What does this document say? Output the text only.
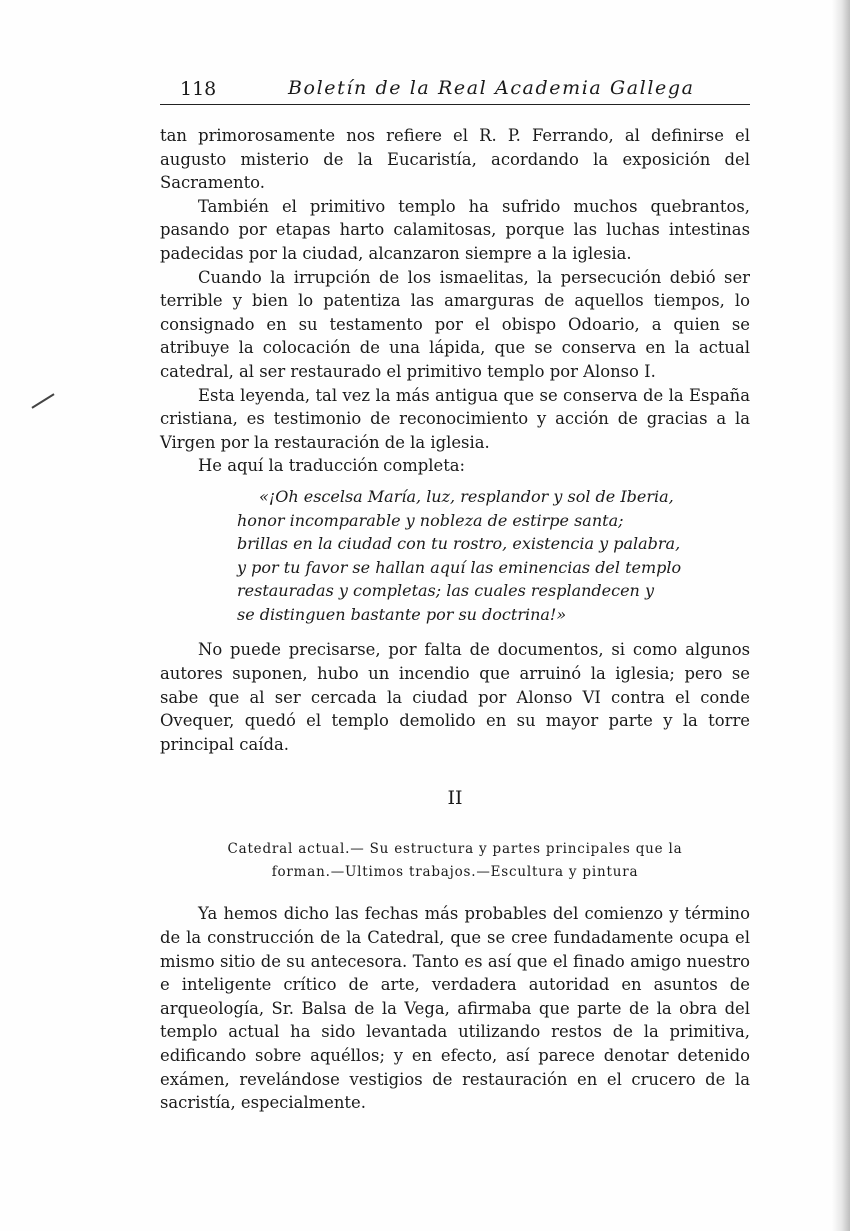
118	Boletín de la Real Academia Gallega

tan primorosamente nos refiere el R. P. Ferrando, al definirse el augusto misterio de la Eucaristía, acordando la exposición del Sacramento.

También el primitivo templo ha sufrido muchos quebrantos, pasando por etapas harto calamitosas, porque las luchas intestinas padecidas por la ciudad, alcanzaron siempre a la iglesia.

Cuando la irrupción de los ismaelitas, la persecución debió ser terrible y bien lo patentiza las amarguras de aquellos tiempos, lo consignado en su testamento por el obispo Odoario, a quien se atribuye la colocación de una lápida, que se conserva en la actual catedral, al ser restaurado el primitivo templo por Alonso I.

Esta leyenda, tal vez la más antigua que se conserva de la España cristiana, es testimonio de reconocimiento y acción de gracias a la Virgen por la restauración de la iglesia.

He aquí la traducción completa:

«¡Oh escelsa María, luz, resplandor y sol de Iberia,
honor incomparable y nobleza de estirpe santa;
brillas en la ciudad con tu rostro, existencia y palabra,
y por tu favor se hallan aquí las eminencias del templo
restauradas y completas; las cuales resplandecen y
se distinguen bastante por su doctrina!»

No puede precisarse, por falta de documentos, si como algunos autores suponen, hubo un incendio que arruinó la iglesia; pero se sabe que al ser cercada la ciudad por Alonso VI contra el conde Ovequer, quedó el templo demolido en su mayor parte y la torre principal caída.

II
Catedral actual.— Su estructura y partes principales que la
forman.—Ultimos trabajos.—Escultura y pintura

Ya hemos dicho las fechas más probables del comienzo y término de la construcción de la Catedral, que se cree fundadamente ocupa el mismo sitio de su antecesora. Tanto es así que el finado amigo nuestro e inteligente crítico de arte, verdadera autoridad en asuntos de arqueología, Sr. Balsa de la Vega, afirmaba que parte de la obra del templo actual ha sido levantada utilizando restos de la primitiva, edificando sobre aquéllos; y en efecto, así parece denotar detenido exámen, revelándose vestigios de restauración en el crucero de la sacristía, especialmente.
